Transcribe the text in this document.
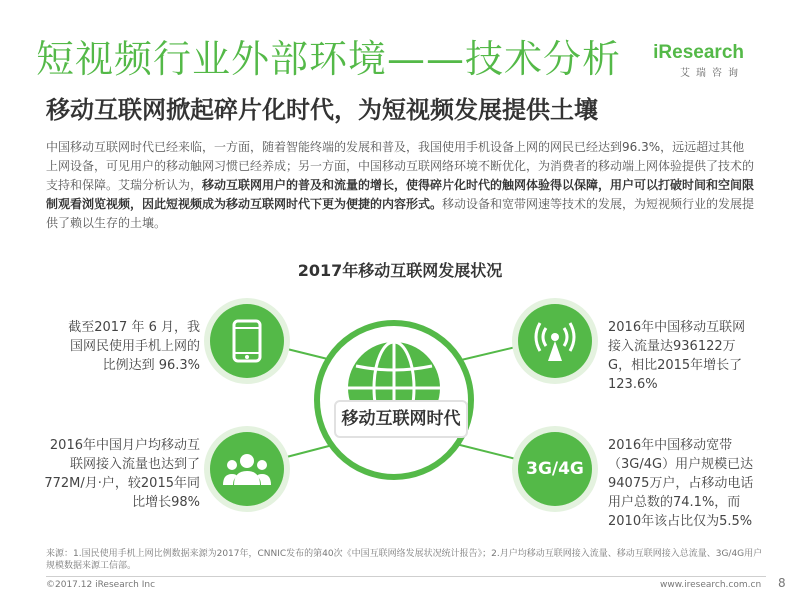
短视频行业外部环境——技术分析
移动互联网掀起碎片化时代，为短视频发展提供土壤
iResearch
艾瑞咨询
中国移动互联网时代已经来临，一方面，随着智能终端的发展和普及，我国使用手机设备上网的网民已经达到96.3%，远远超过其他上网设备，可见用户的移动触网习惯已经养成；另一方面，中国移动互联网络环境不断优化，为消费者的移动端上网体验提供了技术的支持和保障。艾瑞分析认为，移动互联网用户的普及和流量的增长，使得碎片化时代的触网体验得以保障，用户可以打破时间和空间限制观看浏览视频，因此短视频成为移动互联网时代下更为便捷的内容形式。移动设备和宽带网速等技术的发展，为短视频行业的发展提供了赖以生存的土壤。
2017年移动互联网发展状况
移动互联网时代
截至2017 年 6 月，我国网民使用手机上网的比例达到 96.3%
2016年中国移动互联网接入流量达936122万G，相比2015年增长了123.6%
2016年中国月户均移动互联网接入流量也达到了772M/月·户，较2015年同比增长98%
3G/4G
2016年中国移动宽带（3G/4G）用户规模已达94075万户，占移动电话用户总数的74.1%，而2010年该占比仅为5.5%
来源：1.国民使用手机上网比例数据来源为2017年，CNNIC发布的第40次《中国互联网络发展状况统计报告》；2.月户均移动互联网接入流量、移动互联网接入总流量、3G/4G用户规模数据来源工信部。
©2017.12 iResearch Inc	www.iresearch.com.cn 8
